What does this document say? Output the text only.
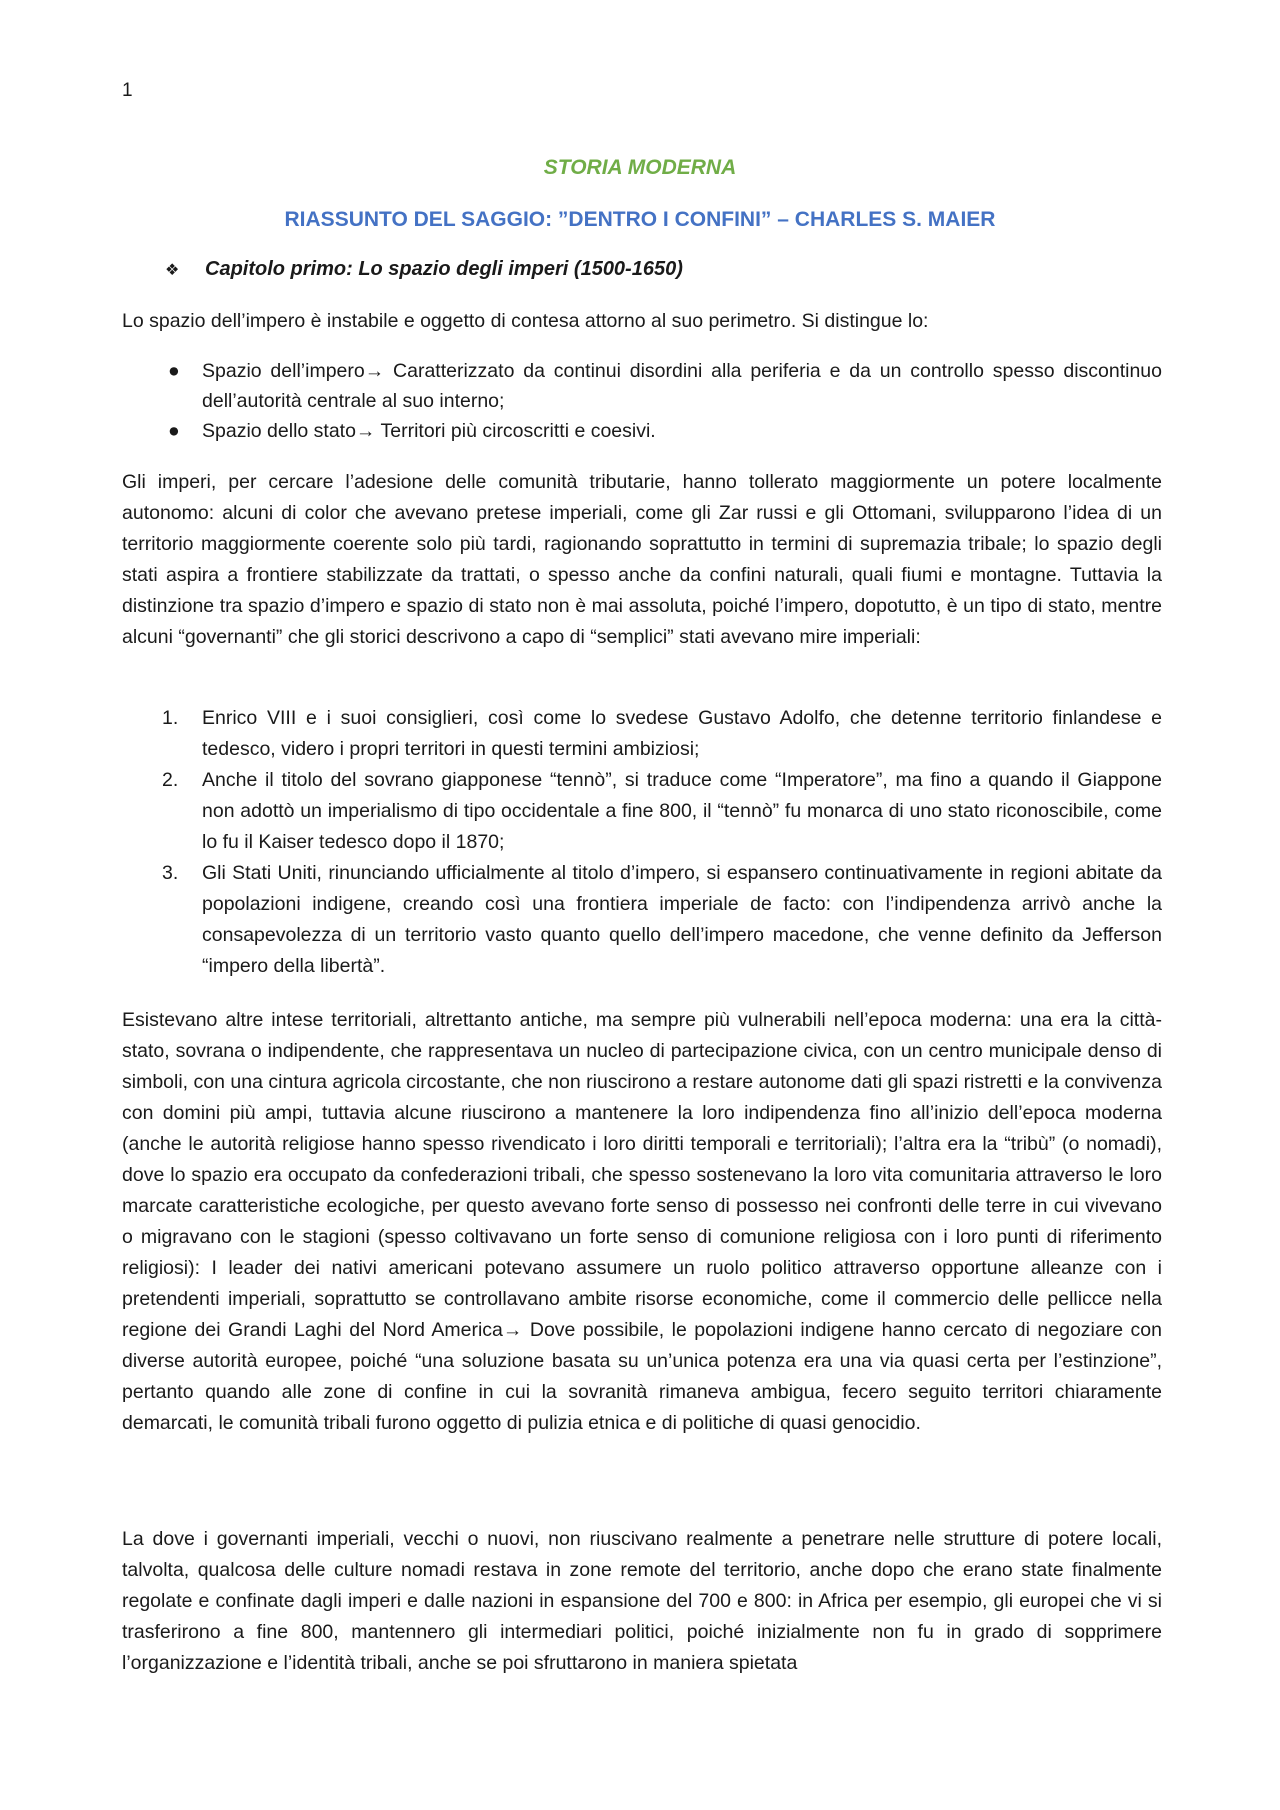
1
STORIA MODERNA
RIASSUNTO DEL SAGGIO: ”DENTRO I CONFINI” – CHARLES S. MAIER
❖ Capitolo primo: Lo spazio degli imperi (1500-1650)
Lo spazio dell’impero è instabile e oggetto di contesa attorno al suo perimetro. Si distingue lo:
● Spazio dell’impero→ Caratterizzato da continui disordini alla periferia e da un controllo spesso discontinuo dell’autorità centrale al suo interno;
● Spazio dello stato→ Territori più circoscritti e coesivi.
Gli imperi, per cercare l’adesione delle comunità tributarie, hanno tollerato maggiormente un potere localmente autonomo: alcuni di color che avevano pretese imperiali, come gli Zar russi e gli Ottomani, svilupparono l’idea di un territorio maggiormente coerente solo più tardi, ragionando soprattutto in termini di supremazia tribale; lo spazio degli stati aspira a frontiere stabilizzate da trattati, o spesso anche da confini naturali, quali fiumi e montagne. Tuttavia la distinzione tra spazio d’impero e spazio di stato non è mai assoluta, poiché l’impero, dopotutto, è un tipo di stato, mentre alcuni “governanti” che gli storici descrivono a capo di “semplici” stati avevano mire imperiali:
1. Enrico VIII e i suoi consiglieri, così come lo svedese Gustavo Adolfo, che detenne territorio finlandese e tedesco, videro i propri territori in questi termini ambiziosi;
2. Anche il titolo del sovrano giapponese “tennò”, si traduce come “Imperatore”, ma fino a quando il Giappone non adottò un imperialismo di tipo occidentale a fine 800, il “tennò” fu monarca di uno stato riconoscibile, come lo fu il Kaiser tedesco dopo il 1870;
3. Gli Stati Uniti, rinunciando ufficialmente al titolo d’impero, si espansero continuativamente in regioni abitate da popolazioni indigene, creando così una frontiera imperiale de facto: con l’indipendenza arrivò anche la consapevolezza di un territorio vasto quanto quello dell’impero macedone, che venne definito da Jefferson “impero della libertà”.
Esistevano altre intese territoriali, altrettanto antiche, ma sempre più vulnerabili nell’epoca moderna: una era la città-stato, sovrana o indipendente, che rappresentava un nucleo di partecipazione civica, con un centro municipale denso di simboli, con una cintura agricola circostante, che non riuscirono a restare autonome dati gli spazi ristretti e la convivenza con domini più ampi, tuttavia alcune riuscirono a mantenere la loro indipendenza fino all’inizio dell’epoca moderna (anche le autorità religiose hanno spesso rivendicato i loro diritti temporali e territoriali); l’altra era la “tribù” (o nomadi), dove lo spazio era occupato da confederazioni tribali, che spesso sostenevano la loro vita comunitaria attraverso le loro marcate caratteristiche ecologiche, per questo avevano forte senso di possesso nei confronti delle terre in cui vivevano o migravano con le stagioni (spesso coltivavano un forte senso di comunione religiosa con i loro punti di riferimento religiosi): I leader dei nativi americani potevano assumere un ruolo politico attraverso opportune alleanze con i pretendenti imperiali, soprattutto se controllavano ambite risorse economiche, come il commercio delle pellicce nella regione dei Grandi Laghi del Nord America→ Dove possibile, le popolazioni indigene hanno cercato di negoziare con diverse autorità europee, poiché “una soluzione basata su un’unica potenza era una via quasi certa per l’estinzione”, pertanto quando alle zone di confine in cui la sovranità rimaneva ambigua, fecero seguito territori chiaramente demarcati, le comunità tribali furono oggetto di pulizia etnica e di politiche di quasi genocidio.
La dove i governanti imperiali, vecchi o nuovi, non riuscivano realmente a penetrare nelle strutture di potere locali, talvolta, qualcosa delle culture nomadi restava in zone remote del territorio, anche dopo che erano state finalmente regolate e confinate dagli imperi e dalle nazioni in espansione del 700 e 800: in Africa per esempio, gli europei che vi si trasferirono a fine 800, mantennero gli intermediari politici, poiché inizialmente non fu in grado di sopprimere l’organizzazione e l’identità tribali, anche se poi sfruttarono in maniera spietata
